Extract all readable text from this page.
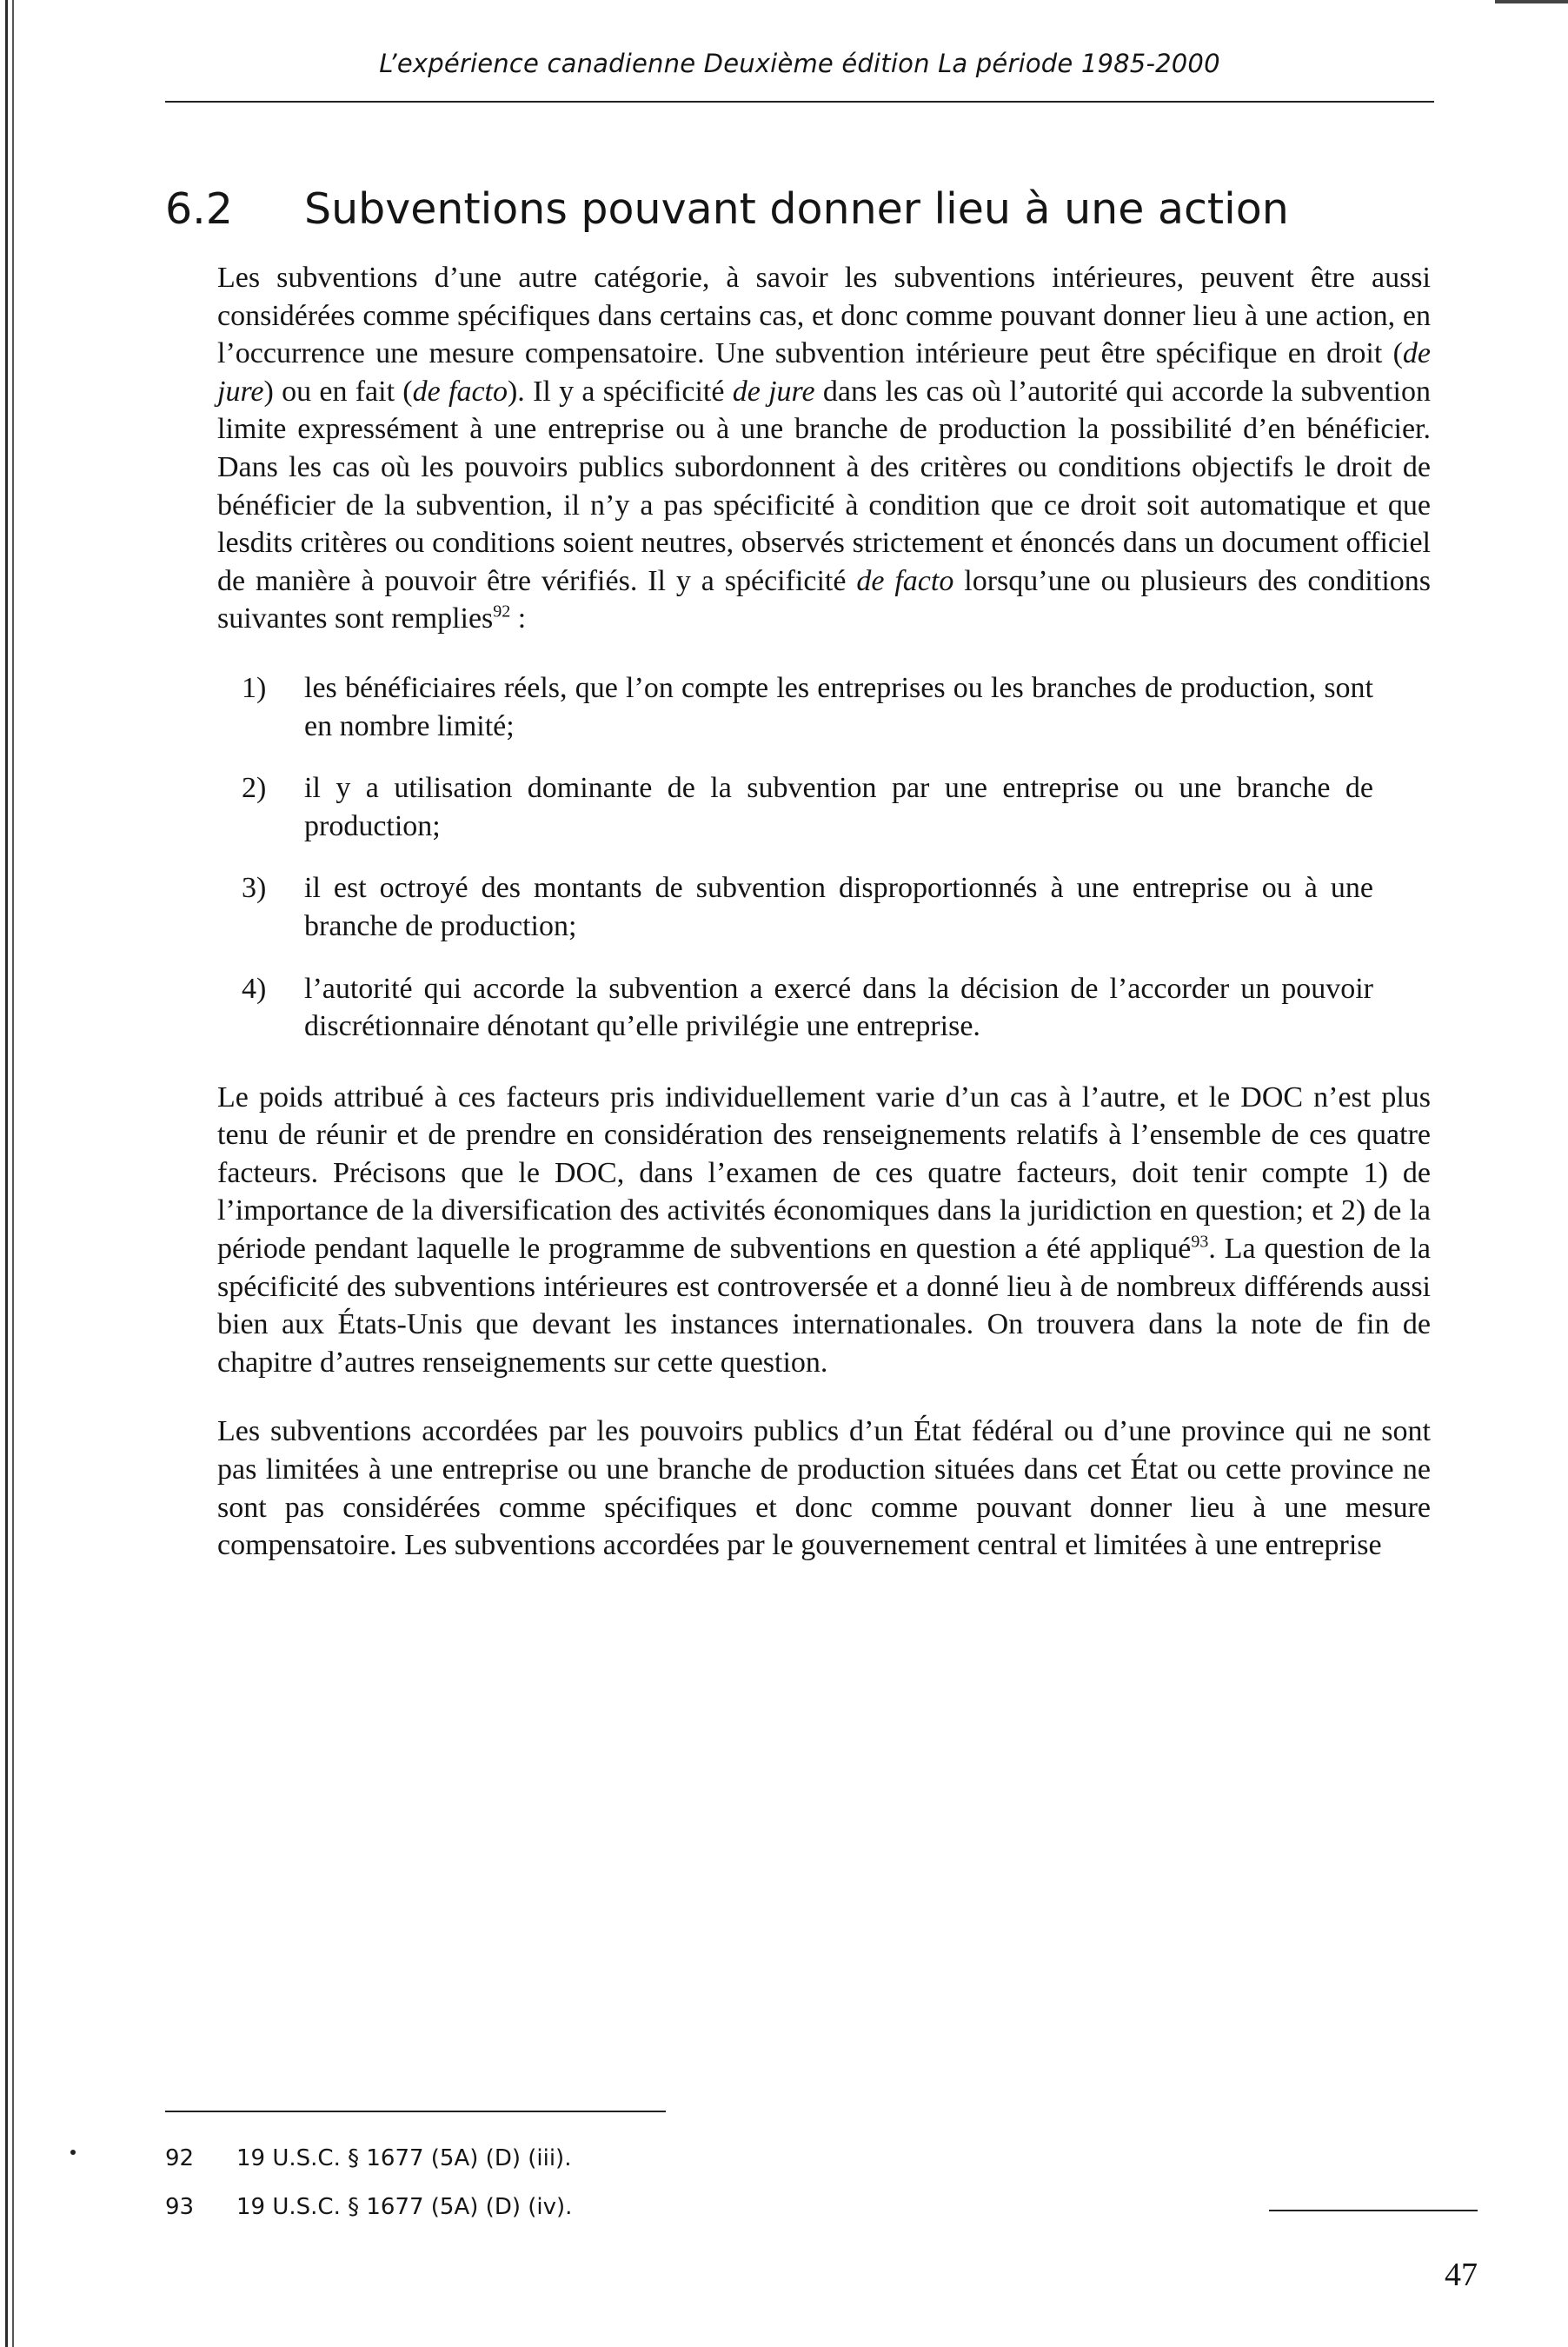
L’expérience canadienne Deuxième édition La période 1985-2000
6.2 Subventions pouvant donner lieu à une action

Les subventions d’une autre catégorie, à savoir les subventions intérieures, peuvent être aussi considérées comme spécifiques dans certains cas, et donc comme pouvant donner lieu à une action, en l’occurrence une mesure compensatoire. Une subvention intérieure peut être spécifique en droit (de jure) ou en fait (de facto). Il y a spécificité de jure dans les cas où l’autorité qui accorde la subvention limite expressément à une entreprise ou à une branche de production la possibilité d’en bénéficier. Dans les cas où les pouvoirs publics subordonnent à des critères ou conditions objectifs le droit de bénéficier de la subvention, il n’y a pas spécificité à condition que ce droit soit automatique et que lesdits critères ou conditions soient neutres, observés strictement et énoncés dans un document officiel de manière à pouvoir être vérifiés. Il y a spécificité de facto lorsqu’une ou plusieurs des conditions suivantes sont remplies$^{92}$ :

1)	les bénéficiaires réels, que l’on compte les entreprises ou les branches de production, sont en nombre limité;
2)	il y a utilisation dominante de la subvention par une entreprise ou une branche de production;
3)	il est octroyé des montants de subvention disproportionnés à une entreprise ou à une branche de production;
4)	l’autorité qui accorde la subvention a exercé dans la décision de l’accorder un pouvoir discrétionnaire dénotant qu’elle privilégie une entreprise.

Le poids attribué à ces facteurs pris individuellement varie d’un cas à l’autre, et le DOC n’est plus tenu de réunir et de prendre en considération des renseignements relatifs à l’ensemble de ces quatre facteurs. Précisons que le DOC, dans l’examen de ces quatre facteurs, doit tenir compte 1) de l’importance de la diversification des activités économiques dans la juridiction en question; et 2) de la période pendant laquelle le programme de subventions en question a été appliqué$^{93}$. La question de la spécificité des subventions intérieures est controversée et a donné lieu à de nombreux différends aussi bien aux États-Unis que devant les instances internationales. On trouvera dans la note de fin de chapitre d’autres renseignements sur cette question.

Les subventions accordées par les pouvoirs publics d’un État fédéral ou d’une province qui ne sont pas limitées à une entreprise ou une branche de production situées dans cet État ou cette province ne sont pas considérées comme spécifiques et donc comme pouvant donner lieu à une mesure compensatoire. Les subventions accordées par le gouvernement central et limitées à une entreprise

92	19 U.S.C. § 1677 (5A) (D) (iii).
93	19 U.S.C. § 1677 (5A) (D) (iv).
47
